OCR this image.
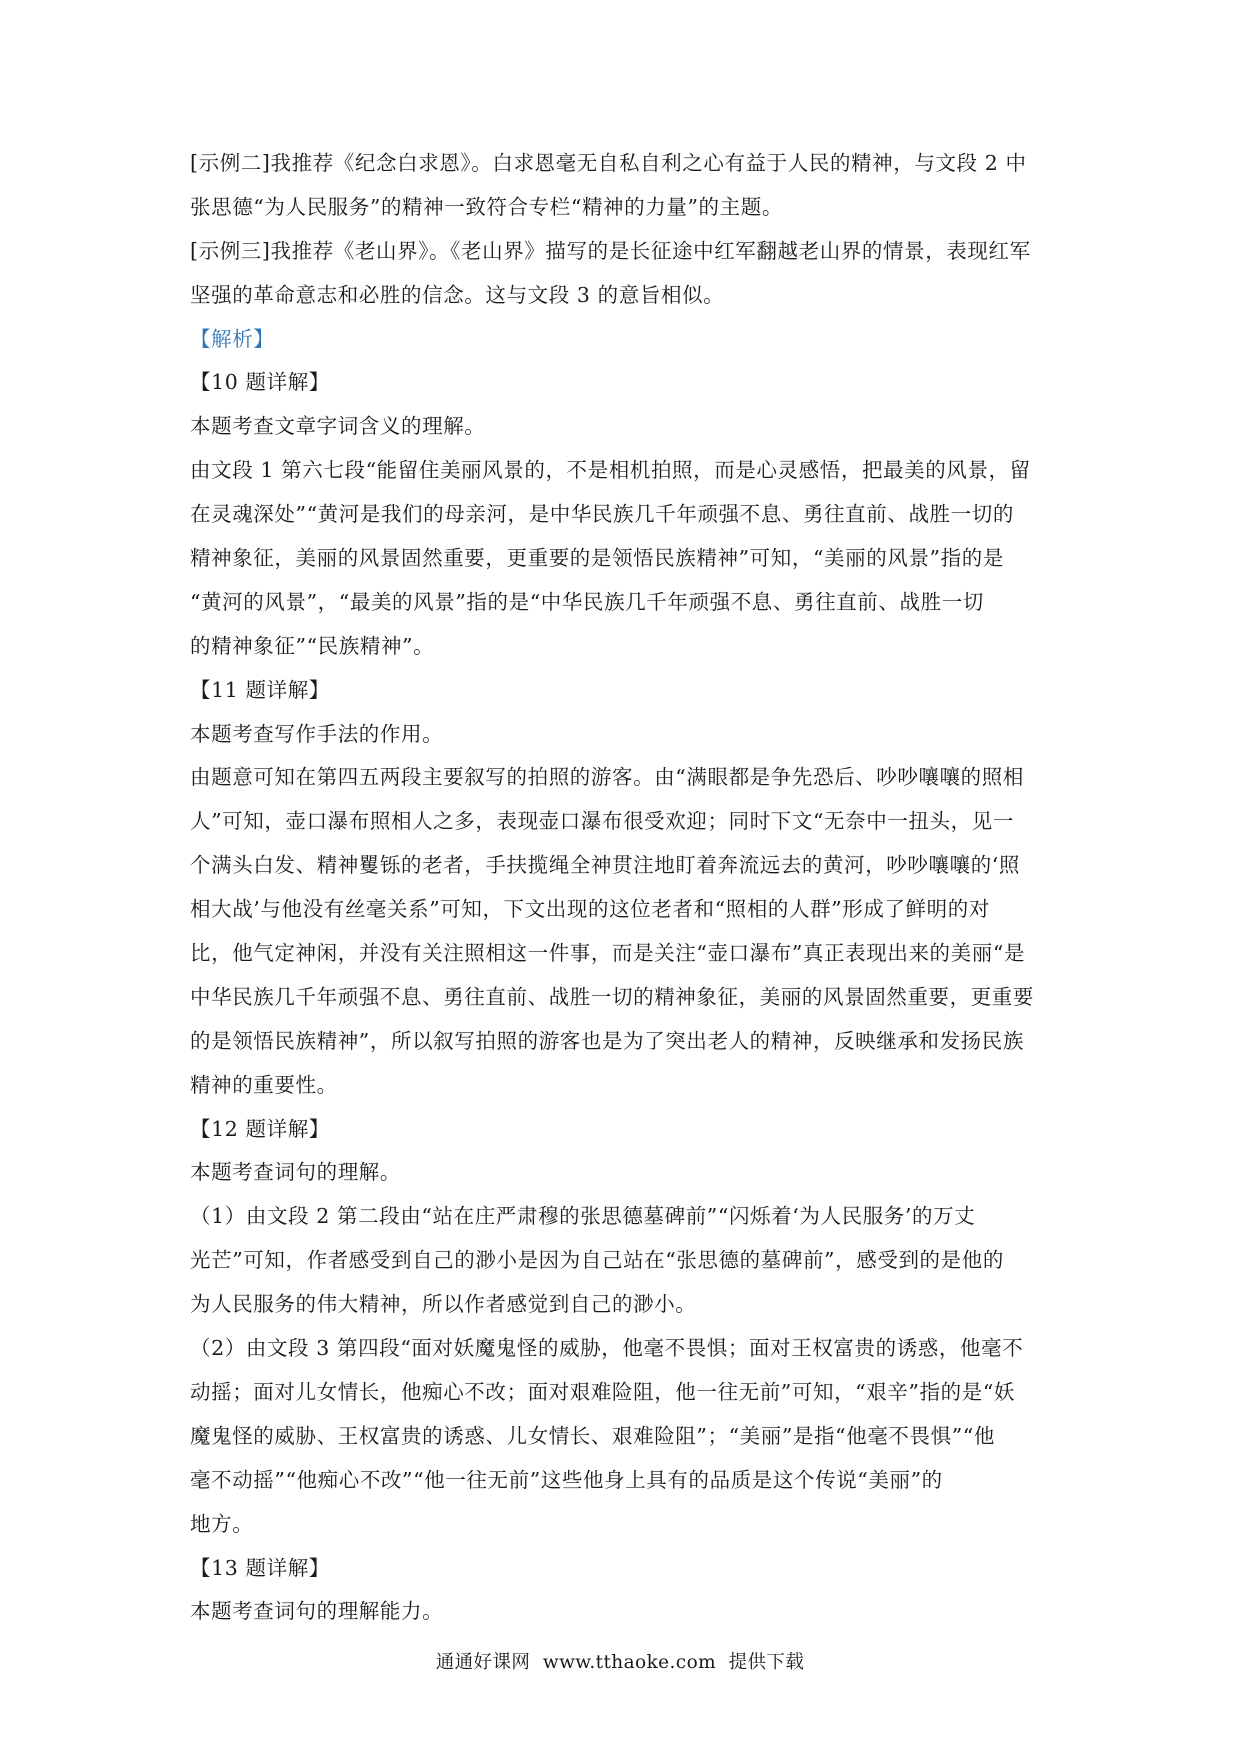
[示例二]我推荐《纪念白求恩》。白求恩毫无自私自利之心有益于人民的精神，与文段 2 中
张思德“为人民服务”的精神一致符合专栏“精神的力量”的主题。
[示例三]我推荐《老山界》。《老山界》描写的是长征途中红军翻越老山界的情景，表现红军
坚强的革命意志和必胜的信念。这与文段 3 的意旨相似。
【解析】
【10 题详解】
本题考查文章字词含义的理解。
由文段 1 第六七段“能留住美丽风景的，不是相机拍照，而是心灵感悟，把最美的风景，留
在灵魂深处”“黄河是我们的母亲河，是中华民族几千年顽强不息、勇往直前、战胜一切的
精神象征，美丽的风景固然重要，更重要的是领悟民族精神”可知，“美丽的风景”指的是
“黄河的风景”，“最美的风景”指的是“中华民族几千年顽强不息、勇往直前、战胜一切
的精神象征”“民族精神”。
【11 题详解】
本题考查写作手法的作用。
由题意可知在第四五两段主要叙写的拍照的游客。由“满眼都是争先恐后、吵吵嚷嚷的照相
人”可知，壶口瀑布照相人之多，表现壶口瀑布很受欢迎；同时下文“无奈中一扭头，见一
个满头白发、精神矍铄的老者，手扶揽绳全神贯注地盯着奔流远去的黄河，吵吵嚷嚷的‘照
相大战’与他没有丝毫关系”可知，下文出现的这位老者和“照相的人群”形成了鲜明的对
比，他气定神闲，并没有关注照相这一件事，而是关注“壶口瀑布”真正表现出来的美丽“是
中华民族几千年顽强不息、勇往直前、战胜一切的精神象征，美丽的风景固然重要，更重要
的是领悟民族精神”，所以叙写拍照的游客也是为了突出老人的精神，反映继承和发扬民族
精神的重要性。
【12 题详解】
本题考查词句的理解。
（1）由文段 2 第二段由“站在庄严肃穆的张思德墓碑前”“闪烁着‘为人民服务’的万丈
光芒”可知，作者感受到自己的渺小是因为自己站在“张思德的墓碑前”，感受到的是他的
为人民服务的伟大精神，所以作者感觉到自己的渺小。
（2）由文段 3 第四段“面对妖魔鬼怪的威胁，他毫不畏惧；面对王权富贵的诱惑，他毫不
动摇；面对儿女情长，他痴心不改；面对艰难险阻，他一往无前”可知，“艰辛”指的是“妖
魔鬼怪的威胁、王权富贵的诱惑、儿女情长、艰难险阻”；“美丽”是指“他毫不畏惧”“他
毫不动摇”“他痴心不改”“他一往无前”这些他身上具有的品质是这个传说“美丽”的
地方。
【13 题详解】
本题考查词句的理解能力。
通通好课网 www.tthaoke.com 提供下载
